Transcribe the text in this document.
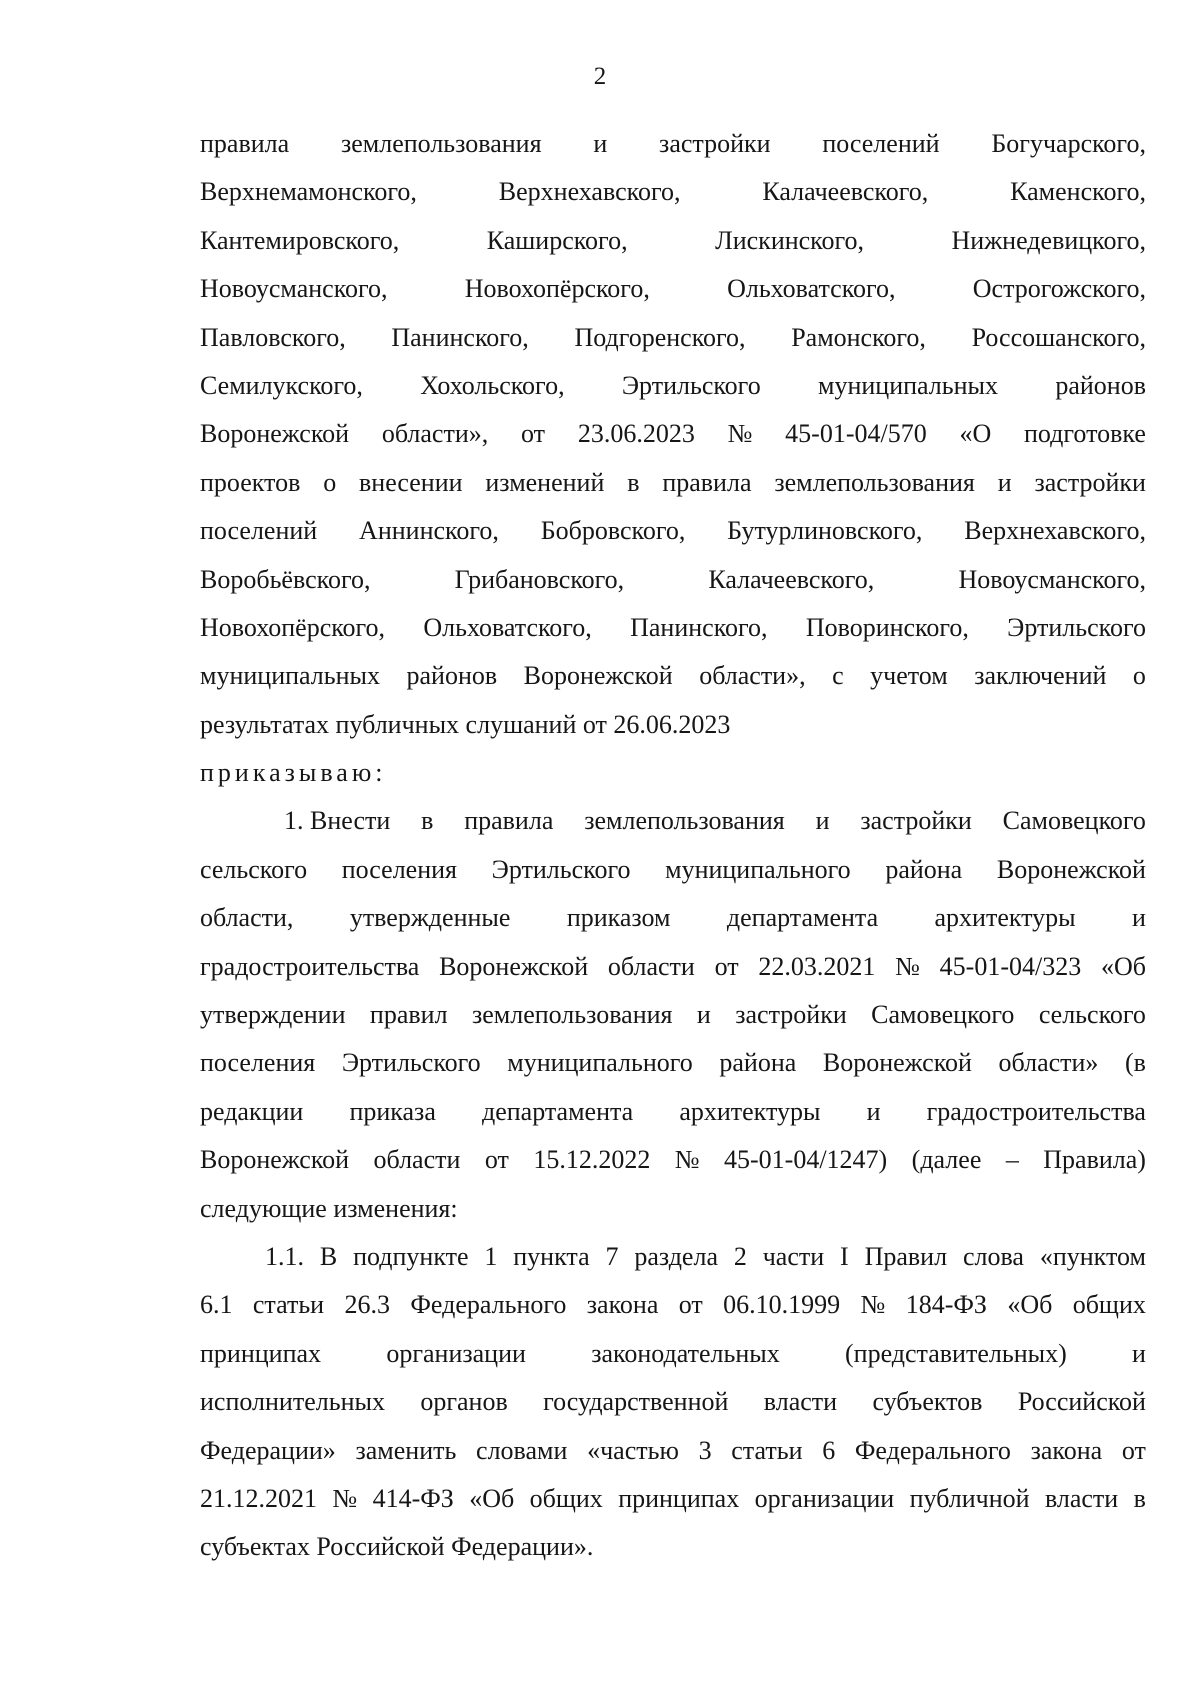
2
правила землепользования и застройки поселений Богучарского,
Верхнемамонского,	Верхнехавского,	Калачеевского,	Каменского,
Кантемировского,	Каширского,	Лискинского,	Нижнедевицкого,
Новоусманского,	Новохопёрского,	Ольховатского,	Острогожского,
Павловского, Панинского, Подгоренского, Рамонского, Россошанского,
Семилукского, Хохольского, Эртильского муниципальных районов
Воронежской области», от 23.06.2023 № 45-01-04/570 «О подготовке
проектов о внесении изменений в правила землепользования и застройки
поселений Аннинского, Бобровского, Бутурлиновского, Верхнехавского,
Воробьёвского,	Грибановского,	Калачеевского,	Новоусманского,
Новохопёрского, Ольховатского, Панинского, Поворинского, Эртильского
муниципальных районов Воронежской области», с учетом заключений о
результатах публичных слушаний от 26.06.2023
приказываю:
1. Внести в правила землепользования и застройки Самовецкого
сельского поселения Эртильского муниципального района Воронежской
области, утвержденные приказом департамента архитектуры и
градостроительства Воронежской области от 22.03.2021 № 45-01-04/323 «Об
утверждении правил землепользования и застройки Самовецкого сельского
поселения Эртильского муниципального района Воронежской области» (в
редакции приказа департамента архитектуры и градостроительства
Воронежской области от 15.12.2022 № 45-01-04/1247) (далее – Правила)
следующие изменения:
1.1. В подпункте 1 пункта 7 раздела 2 части I Правил слова «пунктом
6.1 статьи 26.3 Федерального закона от 06.10.1999 № 184-ФЗ «Об общих
принципах	организации	законодательных	(представительных)	и
исполнительных органов государственной власти субъектов Российской
Федерации» заменить словами «частью 3 статьи 6 Федерального закона от
21.12.2021 № 414-ФЗ «Об общих принципах организации публичной власти в
субъектах Российской Федерации».
